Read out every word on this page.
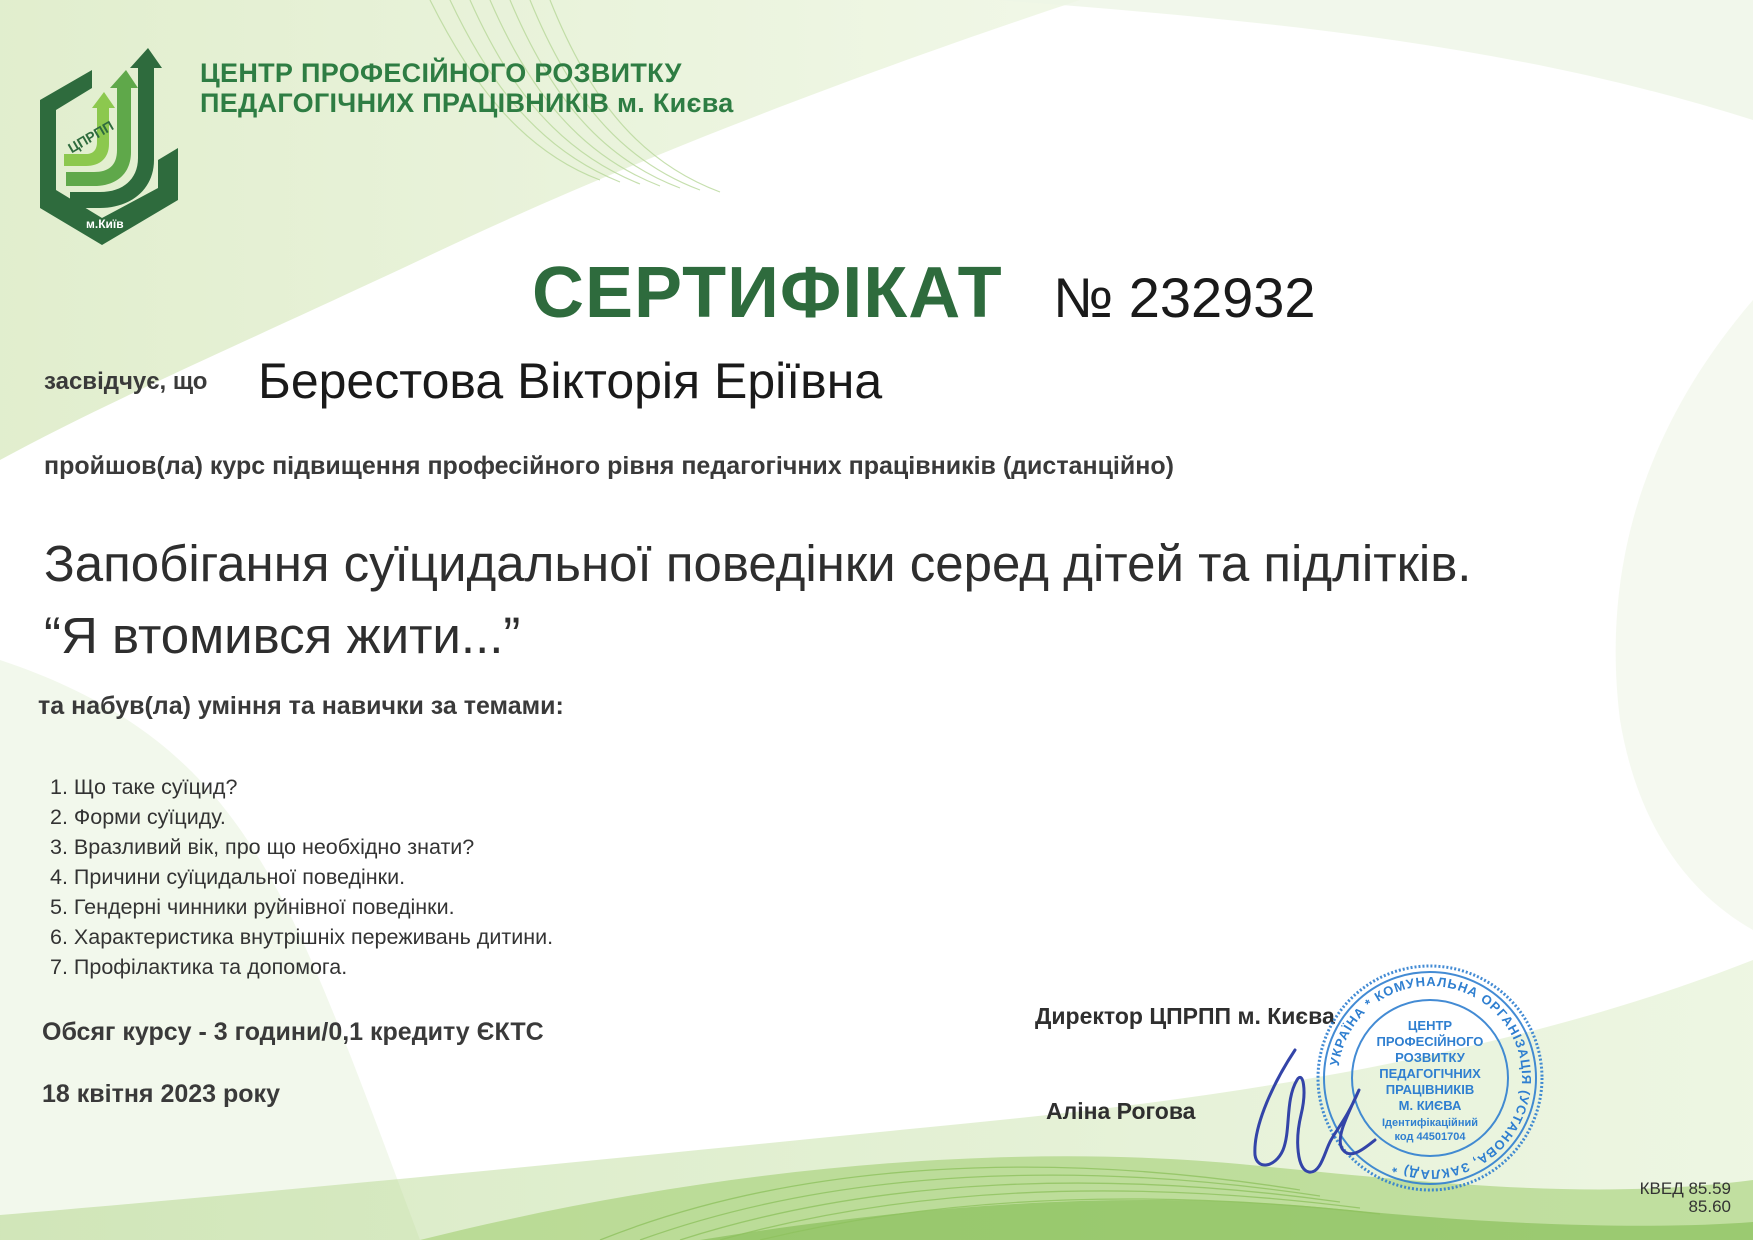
ЦПРПП
м.Київ
ЦЕНТР ПРОФЕСІЙНОГО РОЗВИТКУ
ПЕДАГОГІЧНИХ ПРАЦІВНИКІВ м. Києва
СЕРТИФІКАТ № 232932
засвідчує, що Берестова Вікторія Еріївна
пройшов(ла) курс підвищення професійного рівня педагогічних працівників (дистанційно)
Запобігання суїцидальної поведінки серед дітей та підлітків.
“Я втомився жити...”
та набув(ла) уміння та навички за темами:
1. Що таке суїцид?
2. Форми суїциду.
3. Вразливий вік, про що необхідно знати?
4. Причини суїцидальної поведінки.
5. Гендерні чинники руйнівної поведінки.
6. Характеристика внутрішніх переживань дитини.
7. Профілактика та допомога.
Обсяг курсу - 3 години/0,1 кредиту ЄКТС
18 квітня 2023 року
Директор ЦПРПП м. Києва
Аліна Рогова
УКРАЇНА * КОМУНАЛЬНА ОРГАНІЗАЦІЯ (УСТАНОВА, ЗАКЛАД) *
ЦЕНТР
ПРОФЕСІЙНОГО
РОЗВИТКУ
ПЕДАГОГІЧНИХ
ПРАЦІВНИКІВ
М. КИЄВА
Ідентифікаційний
код 44501704
КВЕД 85.59
85.60
